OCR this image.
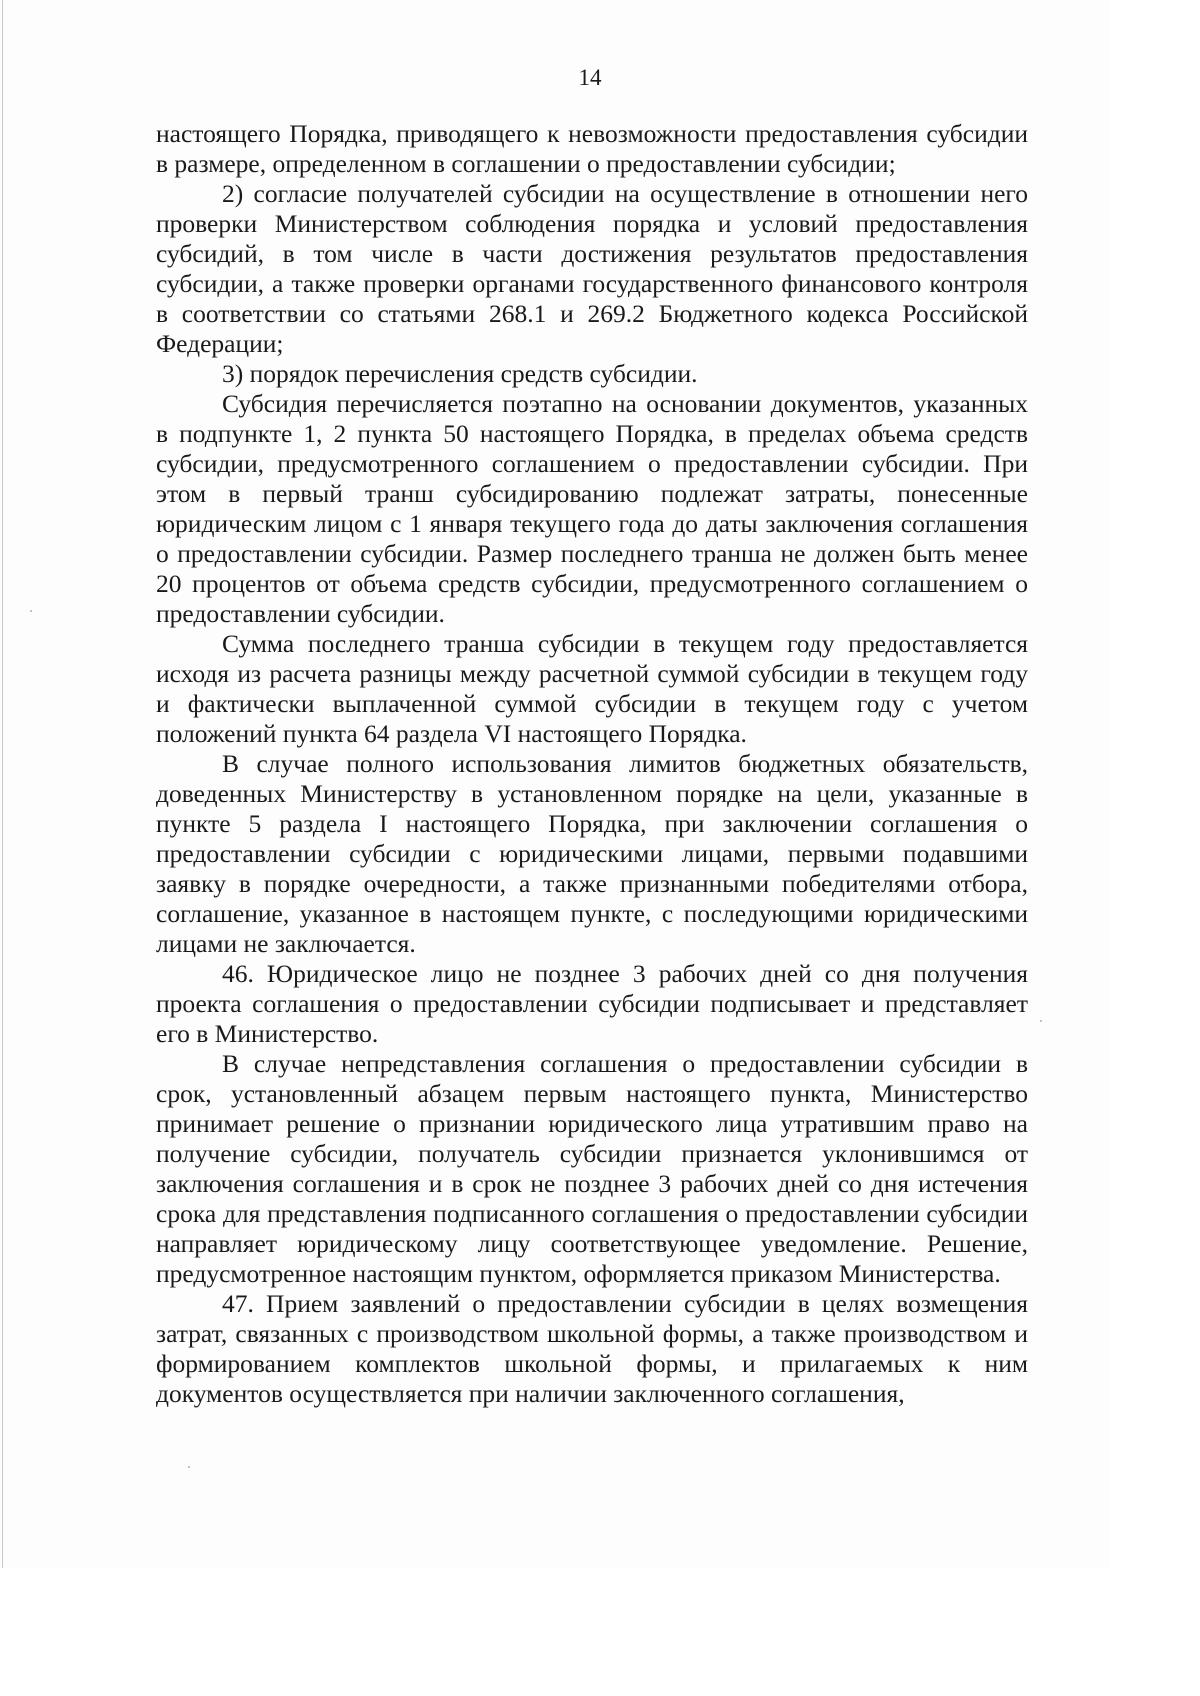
14

настоящего Порядка, приводящего к невозможности предоставления субсидии в размере, определенном в соглашении о предоставлении субсидии;

2) согласие получателей субсидии на осуществление в отношении него проверки Министерством соблюдения порядка и условий предоставления субсидий, в том числе в части достижения результатов предоставления субсидии, а также проверки органами государственного финансового контроля в соответствии со статьями 268.1 и 269.2 Бюджетного кодекса Российской Федерации;

3) порядок перечисления средств субсидии.

Субсидия перечисляется поэтапно на основании документов, указанных в подпункте 1, 2 пункта 50 настоящего Порядка, в пределах объема средств субсидии, предусмотренного соглашением о предоставлении субсидии. При этом в первый транш субсидированию подлежат затраты, понесенные юридическим лицом с 1 января текущего года до даты заключения соглашения о предоставлении субсидии. Размер последнего транша не должен быть менее 20 процентов от объема средств субсидии, предусмотренного соглашением о предоставлении субсидии.

Сумма последнего транша субсидии в текущем году предоставляется исходя из расчета разницы между расчетной суммой субсидии в текущем году и фактически выплаченной суммой субсидии в текущем году с учетом положений пункта 64 раздела VI настоящего Порядка.

В случае полного использования лимитов бюджетных обязательств, доведенных Министерству в установленном порядке на цели, указанные в пункте 5 раздела I настоящего Порядка, при заключении соглашения о предоставлении субсидии с юридическими лицами, первыми подавшими заявку в порядке очередности, а также признанными победителями отбора, соглашение, указанное в настоящем пункте, с последующими юридическими лицами не заключается.

46. Юридическое лицо не позднее 3 рабочих дней со дня получения проекта соглашения о предоставлении субсидии подписывает и представляет его в Министерство.

В случае непредставления соглашения о предоставлении субсидии в срок, установленный абзацем первым настоящего пункта, Министерство принимает решение о признании юридического лица утратившим право на получение субсидии, получатель субсидии признается уклонившимся от заключения соглашения и в срок не позднее 3 рабочих дней со дня истечения срока для представления подписанного соглашения о предоставлении субсидии направляет юридическому лицу соответствующее уведомление. Решение, предусмотренное настоящим пунктом, оформляется приказом Министерства.

47. Прием заявлений о предоставлении субсидии в целях возмещения затрат, связанных с производством школьной формы, а также производством и формированием комплектов школьной формы, и прилагаемых к ним документов осуществляется при наличии заключенного соглашения,
